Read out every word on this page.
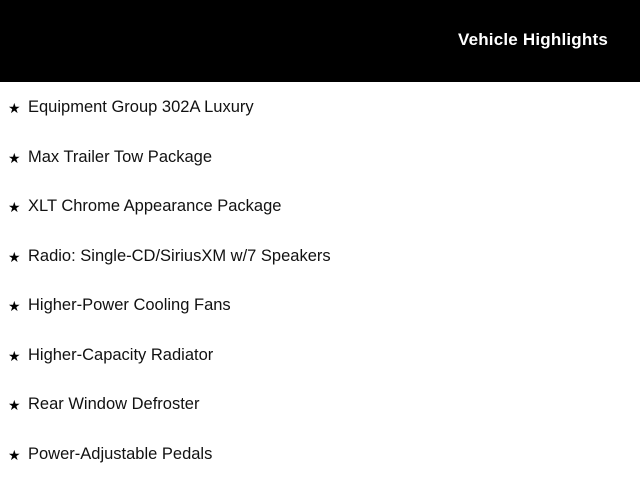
Vehicle Highlights
★ Equipment Group 302A Luxury
★ Max Trailer Tow Package
★ XLT Chrome Appearance Package
★ Radio: Single-CD/SiriusXM w/7 Speakers
★ Higher-Power Cooling Fans
★ Higher-Capacity Radiator
★ Rear Window Defroster
★ Power-Adjustable Pedals
